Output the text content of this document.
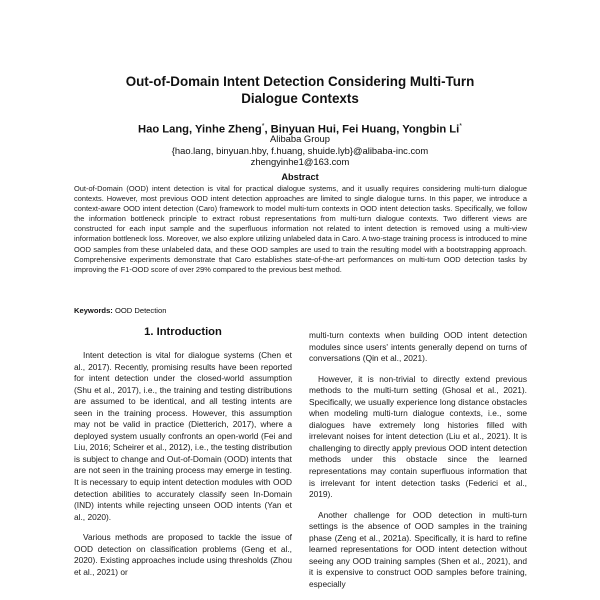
Out-of-Domain Intent Detection Considering Multi-Turn
Dialogue Contexts
Hao Lang, Yinhe Zheng*, Binyuan Hui, Fei Huang, Yongbin Li*
Alibaba Group
{hao.lang, binyuan.hby, f.huang, shuide.lyb}@alibaba-inc.com
zhengyinhe1@163.com
Abstract
Out-of-Domain (OOD) intent detection is vital for practical dialogue systems, and it usually requires considering multi-turn dialogue contexts. However, most previous OOD intent detection approaches are limited to single dialogue turns. In this paper, we introduce a context-aware OOD intent detection (Caro) framework to model multi-turn contexts in OOD intent detection tasks. Specifically, we follow the information bottleneck principle to extract robust representations from multi-turn dialogue contexts. Two different views are constructed for each input sample and the superfluous information not related to intent detection is removed using a multi-view information bottleneck loss. Moreover, we also explore utilizing unlabeled data in Caro. A two-stage training process is introduced to mine OOD samples from these unlabeled data, and these OOD samples are used to train the resulting model with a bootstrapping approach. Comprehensive experiments demonstrate that Caro establishes state-of-the-art performances on multi-turn OOD detection tasks by improving the F1-OOD score of over 29% compared to the previous best method.
Keywords: OOD Detection
1. Introduction

Intent detection is vital for dialogue systems (Chen et al., 2017). Recently, promising results have been reported for intent detection under the closed-world assumption (Shu et al., 2017), i.e., the training and testing distributions are assumed to be identical, and all testing intents are seen in the training process. However, this assumption may not be valid in practice (Dietterich, 2017), where a deployed system usually confronts an open-world (Fei and Liu, 2016; Scheirer et al., 2012), i.e., the testing distribution is subject to change and Out-of-Domain (OOD) intents that are not seen in the training process may emerge in testing. It is necessary to equip intent detection modules with OOD detection abilities to accurately classify seen In-Domain (IND) intents while rejecting unseen OOD intents (Yan et al., 2020).

Various methods are proposed to tackle the issue of OOD detection on classification problems (Geng et al., 2020). Existing approaches include using thresholds (Zhou et al., 2021) or

multi-turn contexts when building OOD intent detection modules since users' intents generally depend on turns of conversations (Qin et al., 2021).

However, it is non-trivial to directly extend previous methods to the multi-turn setting (Ghosal et al., 2021). Specifically, we usually experience long distance obstacles when modeling multi-turn dialogue contexts, i.e., some dialogues have extremely long histories filled with irrelevant noises for intent detection (Liu et al., 2021). It is challenging to directly apply previous OOD intent detection methods under this obstacle since the learned representations may contain superfluous information that is irrelevant for intent detection tasks (Federici et al., 2019).

Another challenge for OOD detection in multi-turn settings is the absence of OOD samples in the training phase (Zeng et al., 2021a). Specifically, it is hard to refine learned representations for OOD intent detection without seeing any OOD training samples (Shen et al., 2021), and it is expensive to construct OOD samples before training, especially
